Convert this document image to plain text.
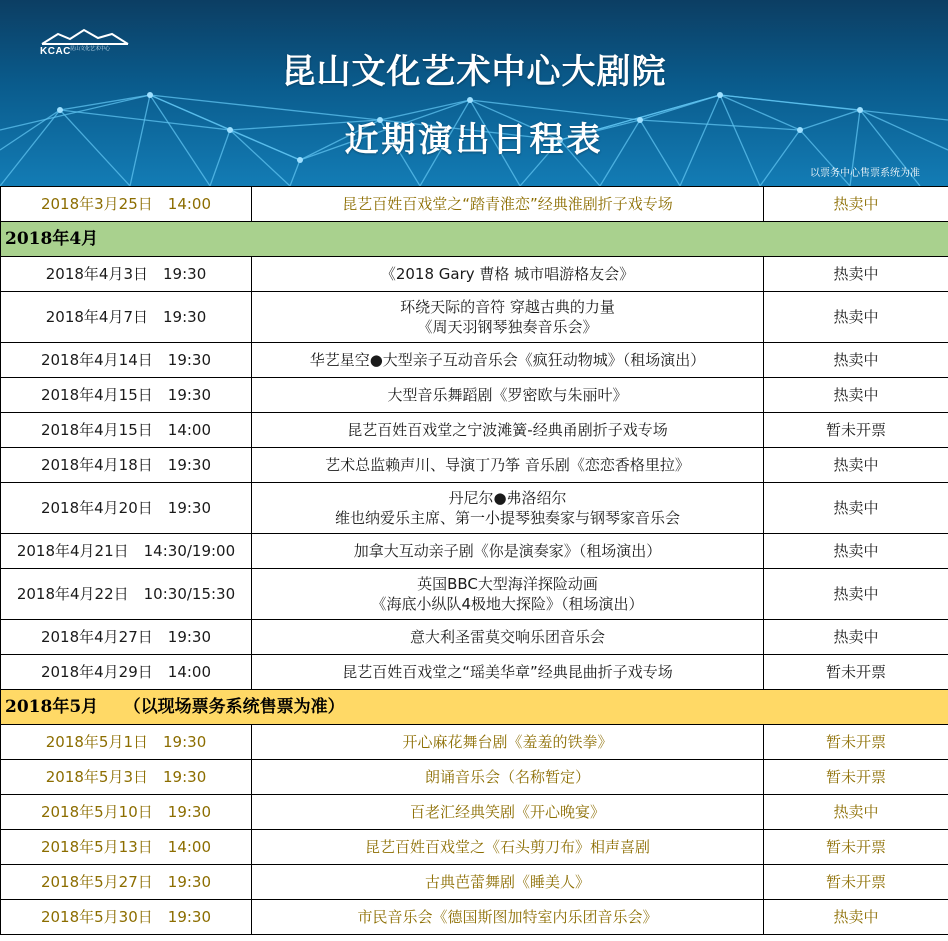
KCAC 昆山文化艺术中心
昆山文化艺术中心大剧院
近期演出日程表
以票务中心售票系统为准
2018年3月25日　14:00	昆艺百姓百戏堂之“踏青淮恋”经典淮剧折子戏专场	热卖中
2018年4月		
2018年4月3日　19:30	《2018 Gary 曹格 城市唱游格友会》	热卖中
2018年4月7日　19:30	环绕天际的音符 穿越古典的力量
《周天羽钢琴独奏音乐会》	热卖中
2018年4月14日　19:30	华艺星空●大型亲子互动音乐会《疯狂动物城》（租场演出）	热卖中
2018年4月15日　19:30	大型音乐舞蹈剧《罗密欧与朱丽叶》	热卖中
2018年4月15日　14:00	昆艺百姓百戏堂之宁波滩簧-经典甬剧折子戏专场	暂未开票
2018年4月18日　19:30	艺术总监赖声川、导演丁乃筝 音乐剧《恋恋香格里拉》	热卖中
2018年4月20日　19:30	丹尼尔●弗洛绍尔
维也纳爱乐主席、第一小提琴独奏家与钢琴家音乐会	热卖中
2018年4月21日　14:30/19:00	加拿大互动亲子剧《你是演奏家》（租场演出）	热卖中
2018年4月22日　10:30/15:30	英国BBC大型海洋探险动画
《海底小纵队4极地大探险》（租场演出）	热卖中
2018年4月27日　19:30	意大利圣雷莫交响乐团音乐会	热卖中
2018年4月29日　14:00	昆艺百姓百戏堂之“瑶美华章”经典昆曲折子戏专场	暂未开票
2018年5月　　（以现场票务系统售票为准）		
2018年5月1日　19:30	开心麻花舞台剧《羞羞的铁拳》	暂未开票
2018年5月3日　19:30	朗诵音乐会（名称暂定）	暂未开票
2018年5月10日　19:30	百老汇经典笑剧《开心晚宴》	热卖中
2018年5月13日　14:00	昆艺百姓百戏堂之《石头剪刀布》相声喜剧	暂未开票
2018年5月27日　19:30	古典芭蕾舞剧《睡美人》	暂未开票
2018年5月30日　19:30	市民音乐会《德国斯图加特室内乐团音乐会》	热卖中
